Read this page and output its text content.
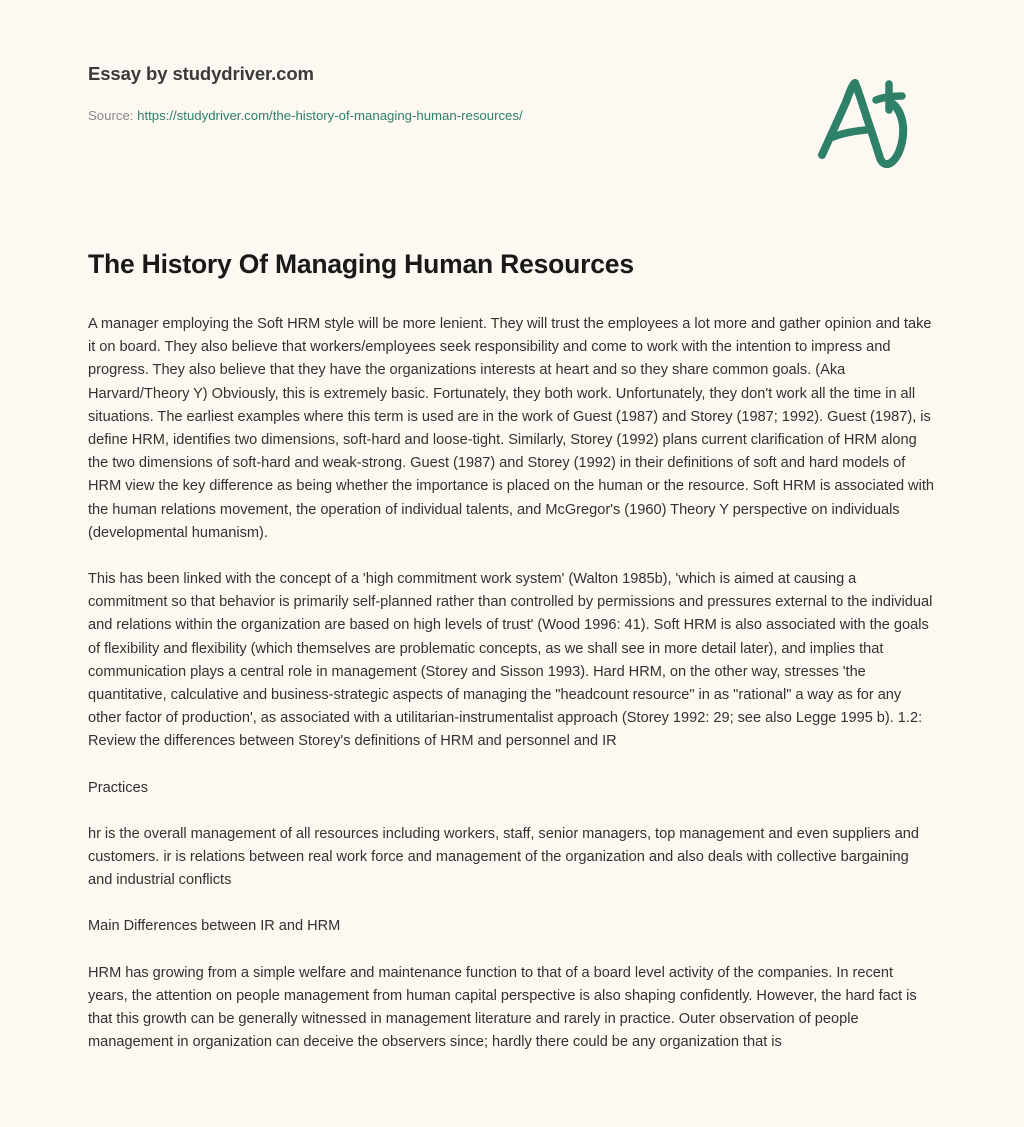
Essay by studydriver.com

Source: https://studydriver.com/the-history-of-managing-human-resources/

The History Of Managing Human Resources

A manager employing the Soft HRM style will be more lenient. They will trust the employees a lot more and gather opinion and take it on board. They also believe that workers/employees seek responsibility and come to work with the intention to impress and progress. They also believe that they have the organizations interests at heart and so they share common goals. (Aka Harvard/Theory Y) Obviously, this is extremely basic. Fortunately, they both work. Unfortunately, they don't work all the time in all situations. The earliest examples where this term is used are in the work of Guest (1987) and Storey (1987; 1992). Guest (1987), is define HRM, identifies two dimensions, soft-hard and loose-tight. Similarly, Storey (1992) plans current clarification of HRM along the two dimensions of soft-hard and weak-strong. Guest (1987) and Storey (1992) in their definitions of soft and hard models of HRM view the key difference as being whether the importance is placed on the human or the resource. Soft HRM is associated with the human relations movement, the operation of individual talents, and McGregor's (1960) Theory Y perspective on individuals (developmental humanism).

This has been linked with the concept of a 'high commitment work system' (Walton 1985b), 'which is aimed at causing a commitment so that behavior is primarily self-planned rather than controlled by permissions and pressures external to the individual and relations within the organization are based on high levels of trust' (Wood 1996: 41). Soft HRM is also associated with the goals of flexibility and flexibility (which themselves are problematic concepts, as we shall see in more detail later), and implies that communication plays a central role in management (Storey and Sisson 1993). Hard HRM, on the other way, stresses 'the quantitative, calculative and business-strategic aspects of managing the "headcount resource" in as "rational" a way as for any other factor of production', as associated with a utilitarian-instrumentalist approach (Storey 1992: 29; see also Legge 1995 b). 1.2: Review the differences between Storey's definitions of HRM and personnel and IR

Practices

hr is the overall management of all resources including workers, staff, senior managers, top management and even suppliers and customers. ir is relations between real work force and management of the organization and also deals with collective bargaining and industrial conflicts

Main Differences between IR and HRM

HRM has growing from a simple welfare and maintenance function to that of a board level activity of the companies. In recent years, the attention on people management from human capital perspective is also shaping confidently. However, the hard fact is that this growth can be generally witnessed in management literature and rarely in practice. Outer observation of people management in organization can deceive the observers since; hardly there could be any organization that is
